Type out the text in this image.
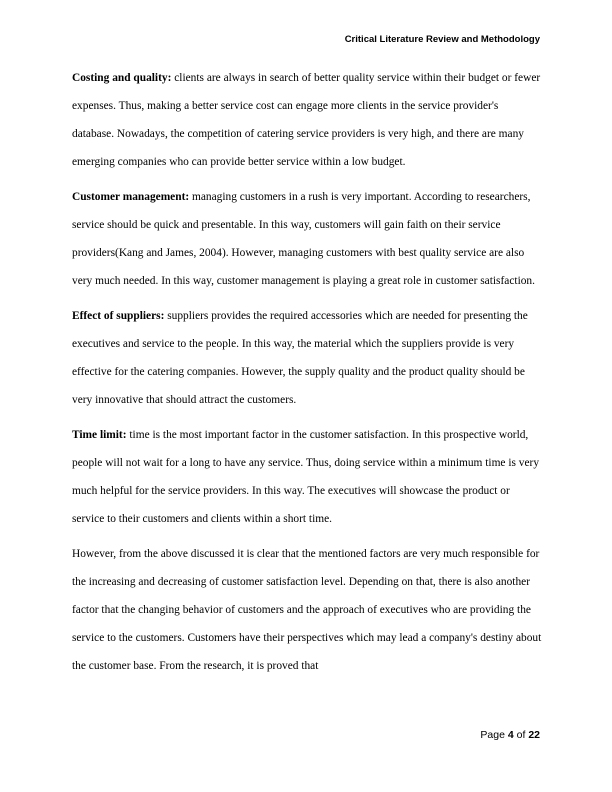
Critical Literature Review and Methodology

Costing and quality: clients are always in search of better quality service within their budget or fewer expenses. Thus, making a better service cost can engage more clients in the service provider's database. Nowadays, the competition of catering service providers is very high, and there are many emerging companies who can provide better service within a low budget.

Customer management: managing customers in a rush is very important. According to researchers, service should be quick and presentable. In this way, customers will gain faith on their service providers(Kang and James, 2004). However, managing customers with best quality service are also very much needed. In this way, customer management is playing a great role in customer satisfaction.

Effect of suppliers: suppliers provides the required accessories which are needed for presenting the executives and service to the people. In this way, the material which the suppliers provide is very effective for the catering companies. However, the supply quality and the product quality should be very innovative that should attract the customers.

Time limit: time is the most important factor in the customer satisfaction. In this prospective world, people will not wait for a long to have any service. Thus, doing service within a minimum time is very much helpful for the service providers. In this way. The executives will showcase the product or service to their customers and clients within a short time.

However, from the above discussed it is clear that the mentioned factors are very much responsible for the increasing and decreasing of customer satisfaction level. Depending on that, there is also another factor that the changing behavior of customers and the approach of executives who are providing the service to the customers. Customers have their perspectives which may lead a company's destiny about the customer base. From the research, it is proved that

Page 4 of 22
